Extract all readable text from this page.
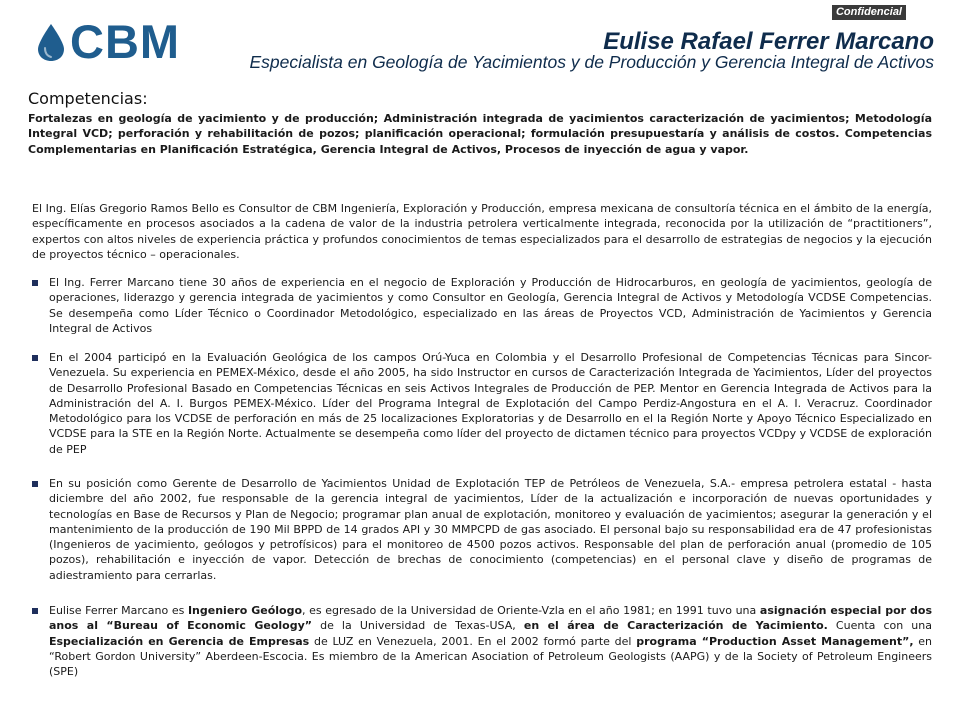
CBM
Confidencial
Eulise Rafael Ferrer Marcano
Especialista en Geología de Yacimientos y de Producción y Gerencia Integral de Activos
Competencias:
Fortalezas en geología de yacimiento y de producción; Administración integrada de yacimientos caracterización de yacimientos; Metodología Integral VCD; perforación y rehabilitación de pozos; planificación operacional; formulación presupuestaría y análisis de costos. Competencias Complementarias en Planificación Estratégica, Gerencia Integral de Activos, Procesos de inyección de agua y vapor.
El Ing. Elías Gregorio Ramos Bello es Consultor de CBM Ingeniería, Exploración y Producción, empresa mexicana de consultoría técnica en el ámbito de la energía, específicamente en procesos asociados a la cadena de valor de la industria petrolera verticalmente integrada, reconocida por la utilización de “practitioners”, expertos con altos niveles de experiencia práctica y profundos conocimientos de temas especializados para el desarrollo de estrategias de negocios y la ejecución de proyectos técnico – operacionales.
El Ing. Ferrer Marcano tiene 30 años de experiencia en el negocio de Exploración y Producción de Hidrocarburos, en geología de yacimientos, geología de operaciones, liderazgo y gerencia integrada de yacimientos y como Consultor en Geología, Gerencia Integral de Activos y Metodología VCDSE Competencias. Se desempeña como Líder Técnico o Coordinador Metodológico, especializado en las áreas de Proyectos VCD, Administración de Yacimientos y Gerencia Integral de Activos
En el 2004 participó en la Evaluación Geológica de los campos Orú-Yuca en Colombia y el Desarrollo Profesional de Competencias Técnicas para Sincor-Venezuela. Su experiencia en PEMEX-México, desde el año 2005, ha sido Instructor en cursos de Caracterización Integrada de Yacimientos, Líder del proyectos de Desarrollo Profesional Basado en Competencias Técnicas en seis Activos Integrales de Producción de PEP. Mentor en Gerencia Integrada de Activos para la Administración del A. I. Burgos PEMEX-México. Líder del Programa Integral de Explotación del Campo Perdiz-Angostura en el A. I. Veracruz. Coordinador Metodológico para los VCDSE de perforación en más de 25 localizaciones Exploratorias y de Desarrollo en el la Región Norte y Apoyo Técnico Especializado en VCDSE para la STE en la Región Norte. Actualmente se desempeña como líder del proyecto de dictamen técnico para proyectos VCDpy y VCDSE de exploración de PEP
En su posición como Gerente de Desarrollo de Yacimientos Unidad de Explotación TEP de Petróleos de Venezuela, S.A.- empresa petrolera estatal - hasta diciembre del año 2002, fue responsable de la gerencia integral de yacimientos, Líder de la actualización e incorporación de nuevas oportunidades y tecnologías en Base de Recursos y Plan de Negocio; programar plan anual de explotación, monitoreo y evaluación de yacimientos; asegurar la generación y el mantenimiento de la producción de 190 Mil BPPD de 14 grados API y 30 MMPCPD de gas asociado. El personal bajo su responsabilidad era de 47 profesionistas (Ingenieros de yacimiento, geólogos y petrofísicos) para el monitoreo de 4500 pozos activos. Responsable del plan de perforación anual (promedio de 105 pozos), rehabilitación e inyección de vapor. Detección de brechas de conocimiento (competencias) en el personal clave y diseño de programas de adiestramiento para cerrarlas.
Eulise Ferrer Marcano es Ingeniero Geólogo, es egresado de la Universidad de Oriente-Vzla en el año 1981; en 1991 tuvo una asignación especial por dos anos al “Bureau of Economic Geology” de la Universidad de Texas-USA, en el área de Caracterización de Yacimiento. Cuenta con una Especialización en Gerencia de Empresas de LUZ en Venezuela, 2001. En el 2002 formó parte del programa “Production Asset Management”, en “Robert Gordon University” Aberdeen-Escocia. Es miembro de la American Asociation of Petroleum Geologists (AAPG) y de la Society of Petroleum Engineers (SPE)
